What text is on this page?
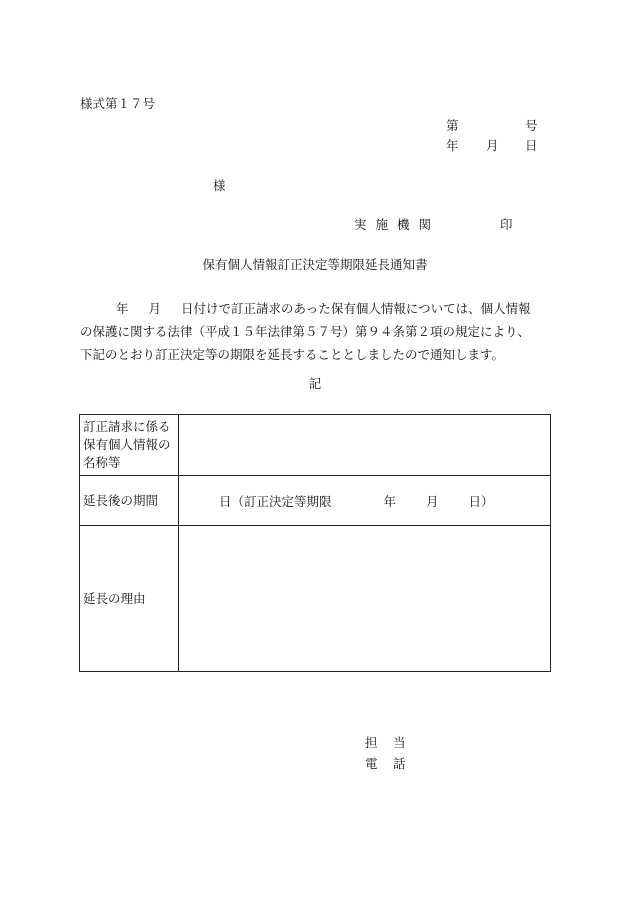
様式第１７号
第	号
年 月 日
様
実施機関	印
保有個人情報訂正決定等期限延長通知書
年 月 日付けで訂正請求のあった保有個人情報については、個人情報
の保護に関する法律（平成１５年法律第５７号）第９４条第２項の規定により、
下記のとおり訂正決定等の期限を延長することとしましたので通知します。
記
訂正請求に係る保有個人情報の名称等	
延長後の期間	日（訂正決定等期限 年 月 日）
延長の理由	
担 当
電 話
